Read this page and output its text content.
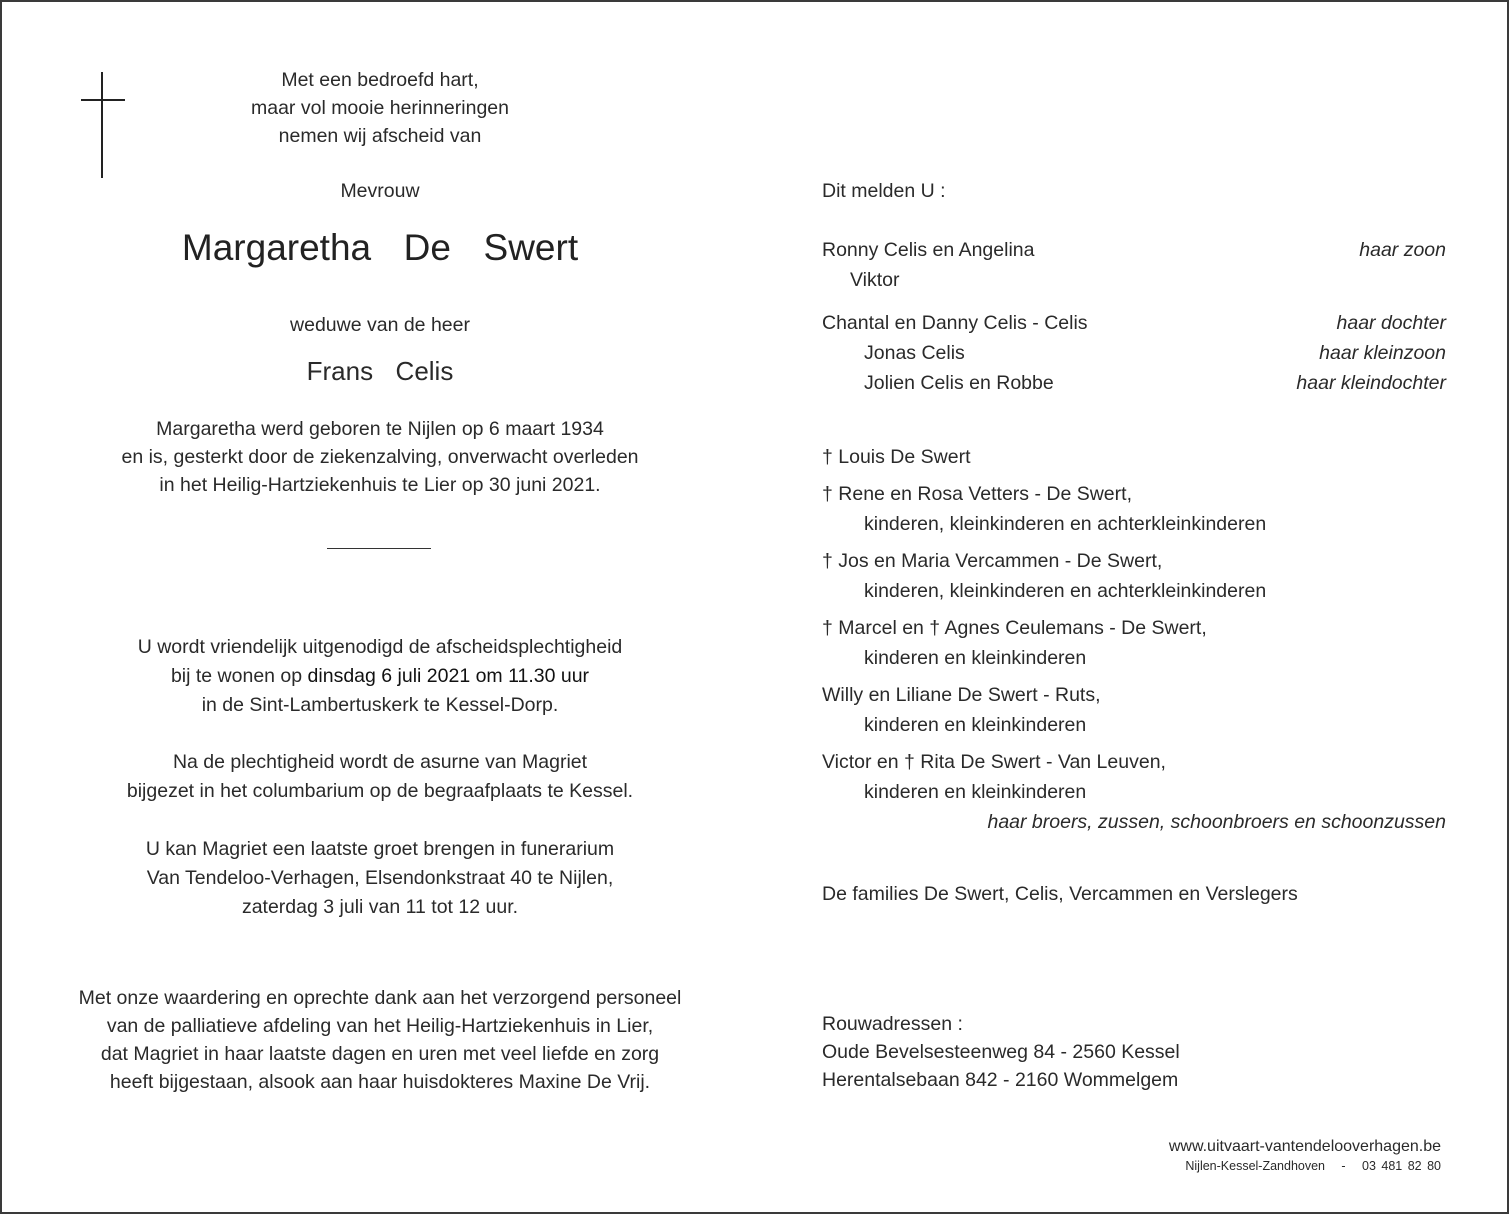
Met een bedroefd hart,
maar vol mooie herinneringen
nemen wij afscheid van
Mevrouw
Margaretha  De  Swert
weduwe van de heer
Frans  Celis
Margaretha werd geboren te Nijlen op 6 maart 1934
en is, gesterkt door de ziekenzalving, onverwacht overleden
in het Heilig-Hartziekenhuis te Lier op 30 juni 2021.
U wordt vriendelijk uitgenodigd de afscheidsplechtigheid
bij te wonen op dinsdag 6 juli 2021 om 11.30 uur
in de Sint-Lambertuskerk te Kessel-Dorp.
Na de plechtigheid wordt de asurne van Magriet
bijgezet in het columbarium op de begraafplaats te Kessel.
U kan Magriet een laatste groet brengen in funerarium
Van Tendeloo-Verhagen, Elsendonkstraat 40 te Nijlen,
zaterdag 3 juli van 11 tot 12 uur.
Met onze waardering en oprechte dank aan het verzorgend personeel
van de palliatieve afdeling van het Heilig-Hartziekenhuis in Lier,
dat Magriet in haar laatste dagen en uren met veel liefde en zorg
heeft bijgestaan, alsook aan haar huisdokteres Maxine De Vrij.
Dit melden U :
Ronny Celis en Angelina	haar zoon
Viktor
Chantal en Danny Celis - Celis	haar dochter
Jonas Celis	haar kleinzoon
Jolien Celis en Robbe	haar kleindochter
† Louis De Swert
† Rene en Rosa Vetters - De Swert,
kinderen, kleinkinderen en achterkleinkinderen
† Jos en Maria Vercammen - De Swert,
kinderen, kleinkinderen en achterkleinkinderen
† Marcel en † Agnes Ceulemans - De Swert,
kinderen en kleinkinderen
Willy en Liliane De Swert - Ruts,
kinderen en kleinkinderen
Victor en † Rita De Swert - Van Leuven,
kinderen en kleinkinderen
haar broers, zussen, schoonbroers en schoonzussen
De families De Swert, Celis, Vercammen en Verslegers
Rouwadressen :
Oude Bevelsesteenweg 84 - 2560 Kessel
Herentalsebaan 842 - 2160 Wommelgem
www.uitvaart-vantendelooverhagen.be
Nijlen-Kessel-Zandhoven   -   03 481 82 80
